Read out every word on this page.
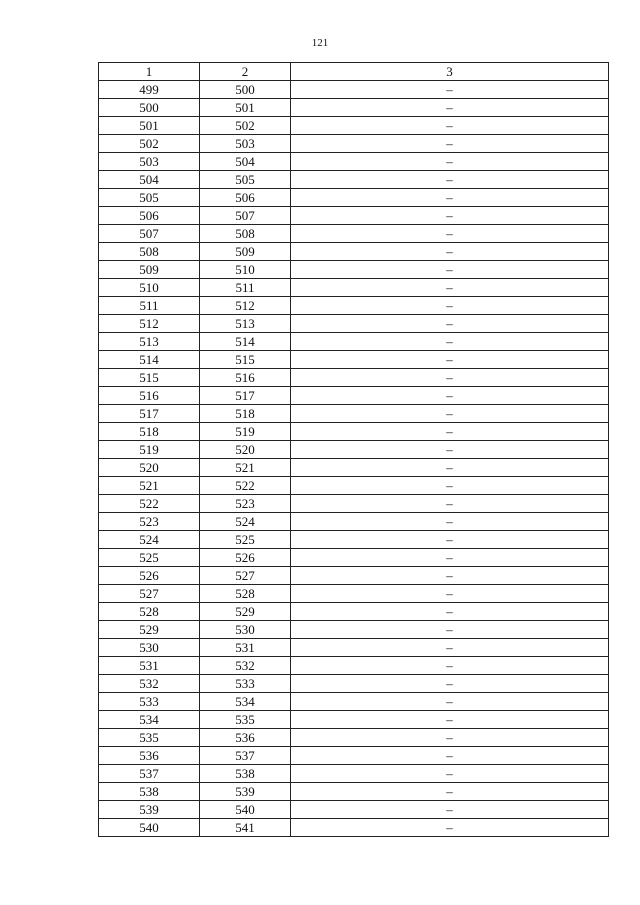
121
1	2	3
499	500	–
500	501	–
501	502	–
502	503	–
503	504	–
504	505	–
505	506	–
506	507	–
507	508	–
508	509	–
509	510	–
510	511	–
511	512	–
512	513	–
513	514	–
514	515	–
515	516	–
516	517	–
517	518	–
518	519	–
519	520	–
520	521	–
521	522	–
522	523	–
523	524	–
524	525	–
525	526	–
526	527	–
527	528	–
528	529	–
529	530	–
530	531	–
531	532	–
532	533	–
533	534	–
534	535	–
535	536	–
536	537	–
537	538	–
538	539	–
539	540	–
540	541	–
